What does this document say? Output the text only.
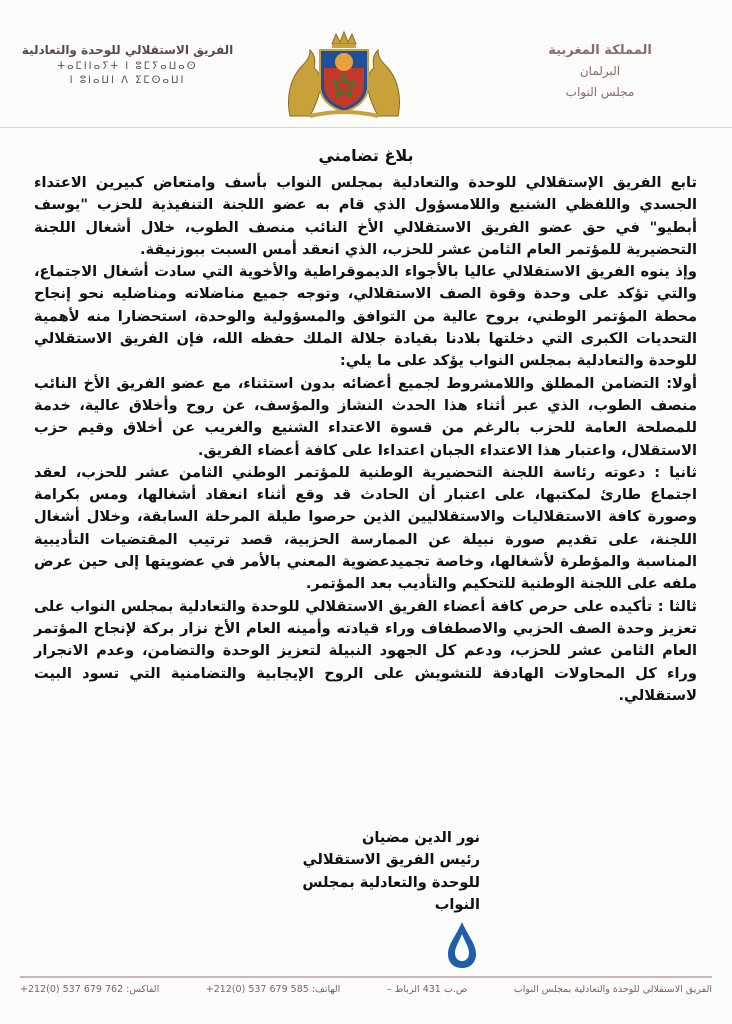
المملكة المغربية
البرلمان
مجلس النواب
الفريق الاستقلالي للوحدة والتعادلية
ⵜⴰⵎⵏⵏⴰⵢⵜ ⵏ ⵓⵎⵢⴰⵡⴰⵙ
ⵏ ⵓⵏⴰⵡⵏ ⴷ ⵉⵎⵙⴰⵡⵏ
بلاغ تضامني

تابع الفريق الإستقلالي للوحدة والتعادلية بمجلس النواب بأسف وامتعاض كبيرين الاعتداء الجسدي واللفظي الشنيع واللامسؤول الذي قام به عضو اللجنة التنفيذية للحزب "يوسف أبطيو" في حق عضو الفريق الاستقلالي الأخ النائب منصف الطوب، خلال أشغال اللجنة التحضيرية للمؤتمر العام الثامن عشر للحزب، الذي انعقد أمس السبت ببوزنيقة.

وإذ ينوه الفريق الاستقلالي عاليا بالأجواء الديموقراطية والأخوية التي سادت أشغال الاجتماع، والتي تؤكد على وحدة وقوة الصف الاستقلالي، وتوجه جميع مناضلاته ومناضليه نحو إنجاح محطة المؤتمر الوطني، بروح عالية من التوافق والمسؤولية والوحدة، استحضارا منه لأهمية التحديات الكبرى التي دخلتها بلادنا بقيادة جلالة الملك حفظه الله، فإن الفريق الاستقلالي للوحدة والتعادلية بمجلس النواب يؤكد على ما يلي:

أولا: التضامن المطلق واللامشروط لجميع أعضائه بدون استثناء، مع عضو الفريق الأخ النائب منصف الطوب، الذي عبر أثناء هذا الحدث النشاز والمؤسف، عن روح وأخلاق عالية، خدمة للمصلحة العامة للحزب بالرغم من قسوة الاعتداء الشنيع والغريب عن أخلاق وقيم حزب الاستقلال، واعتبار هذا الاعتداء الجبان اعتداءا على كافة أعضاء الفريق.

ثانيا : دعوته رئاسة اللجنة التحضيرية الوطنية للمؤتمر الوطني الثامن عشر للحزب، لعقد اجتماع طارئ لمكتبها، على اعتبار أن الحادث قد وقع أثناء انعقاد أشغالها، ومس بكرامة وصورة كافة الاستقلاليات والاستقلاليين الذين حرصوا طيلة المرحلة السابقة، وخلال أشغال اللجنة، على تقديم صورة نبيلة عن الممارسة الحزبية، قصد ترتيب المقتضيات التأديبية المناسبة والمؤطرة لأشغالها، وخاصة تجميدعضوية المعني بالأمر في عضويتها إلى حين عرض ملفه على اللجنة الوطنية للتحكيم والتأديب بعد المؤتمر.

ثالثا : تأكيده على حرص كافة أعضاء الفريق الاستقلالي للوحدة والتعادلية بمجلس النواب على تعزيز وحدة الصف الحزبي والاصطفاف وراء قيادته وأمينه العام الأخ نزار بركة لإنجاح المؤتمر العام الثامن عشر للحزب، ودعم كل الجهود النبيلة لتعزيز الوحدة والتضامن، وعدم الانجرار وراء كل المحاولات الهادفة للتشويش على الروح الإيجابية والتضامنية التي تسود البيت لاستقلالي.

نور الدين مضيان
رئيس الفريق الاستقلالي
للوحدة والتعادلية بمجلس النواب
الفريق الاستقلالي للوحدة والتعادلية بمجلس النواب
ص.ب 431 الرباط –
الهاتف: 585 679 537 (0)212+
الفاكس: 762 679 537 (0)212+
